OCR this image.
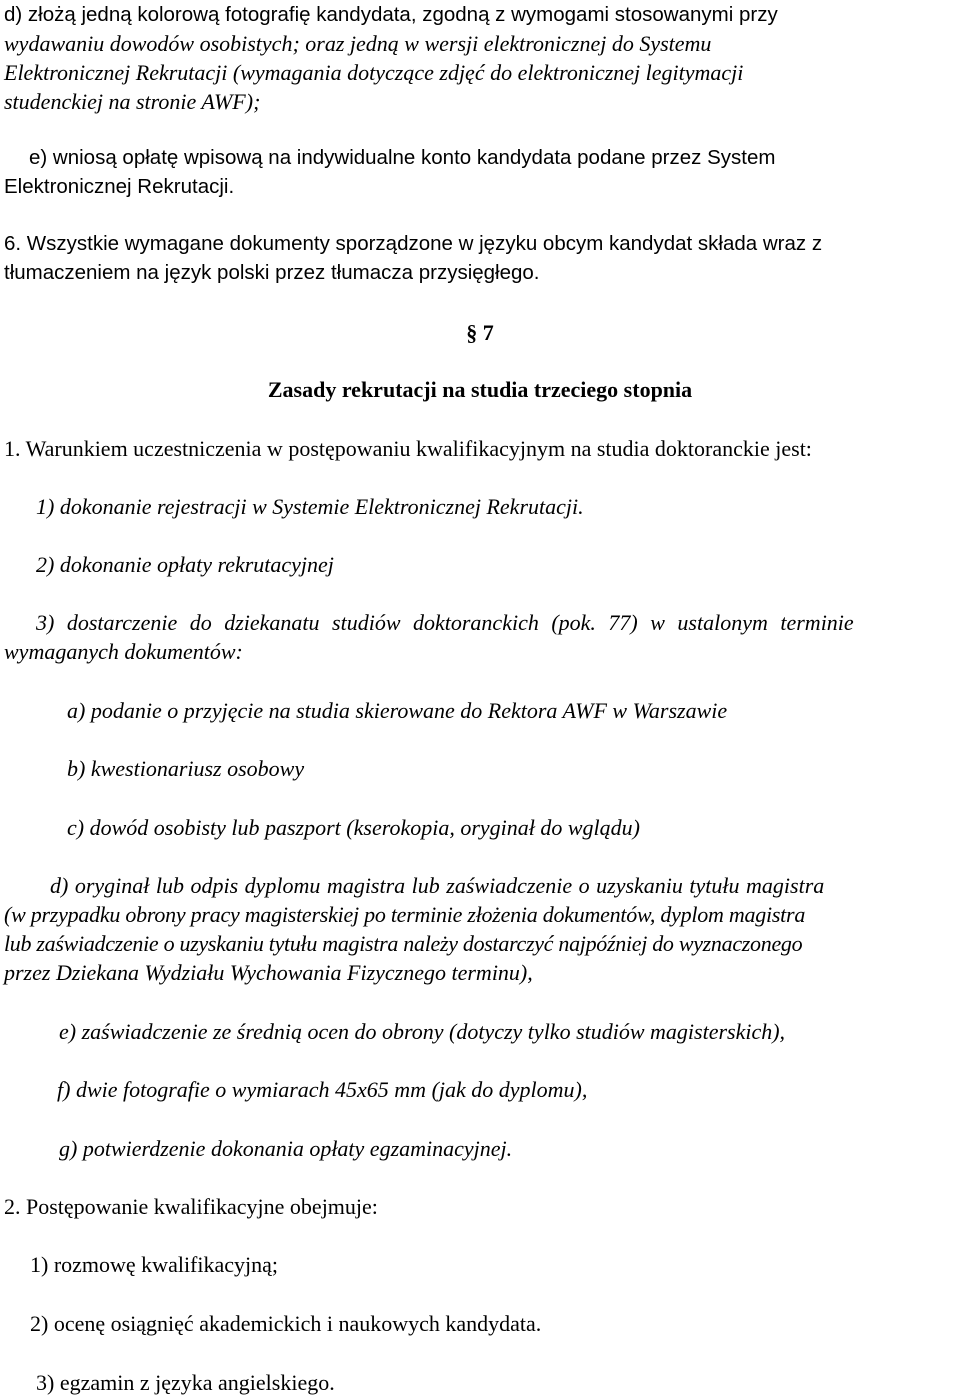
d) złożą jedną kolorową fotografię kandydata, zgodną z wymogami stosowanymi przy
wydawaniu dowodów osobistych; oraz jedną w wersji elektronicznej do Systemu
Elektronicznej Rekrutacji (wymagania dotyczące zdjęć do elektronicznej legitymacji
studenckiej na stronie AWF);
e) wniosą opłatę wpisową na indywidualne konto kandydata podane przez System
Elektronicznej Rekrutacji.
6. Wszystkie wymagane dokumenty sporządzone w języku obcym kandydat składa wraz z
tłumaczeniem na język polski przez tłumacza przysięgłego.
§ 7
Zasady rekrutacji na studia trzeciego stopnia
1. Warunkiem uczestniczenia w postępowaniu kwalifikacyjnym na studia doktoranckie jest:
1) dokonanie rejestracji w Systemie Elektronicznej Rekrutacji.
2) dokonanie opłaty rekrutacyjnej
3) dostarczenie do dziekanatu studiów doktoranckich (pok. 77) w ustalonym terminie
wymaganych dokumentów:
a) podanie o przyjęcie na studia skierowane do Rektora AWF w Warszawie
b) kwestionariusz osobowy
c) dowód osobisty lub paszport (kserokopia, oryginał do wglądu)
d) oryginał lub odpis dyplomu magistra lub zaświadczenie o uzyskaniu tytułu magistra
(w przypadku obrony pracy magisterskiej po terminie złożenia dokumentów, dyplom magistra
lub zaświadczenie o uzyskaniu tytułu magistra należy dostarczyć najpóźniej do wyznaczonego
przez Dziekana Wydziału Wychowania Fizycznego terminu),
e) zaświadczenie ze średnią ocen do obrony (dotyczy tylko studiów magisterskich),
f) dwie fotografie o wymiarach 45x65 mm (jak do dyplomu),
g) potwierdzenie dokonania opłaty egzaminacyjnej.
2. Postępowanie kwalifikacyjne obejmuje:
1) rozmowę kwalifikacyjną;
2) ocenę osiągnięć akademickich i naukowych kandydata.
3) egzamin z języka angielskiego.
